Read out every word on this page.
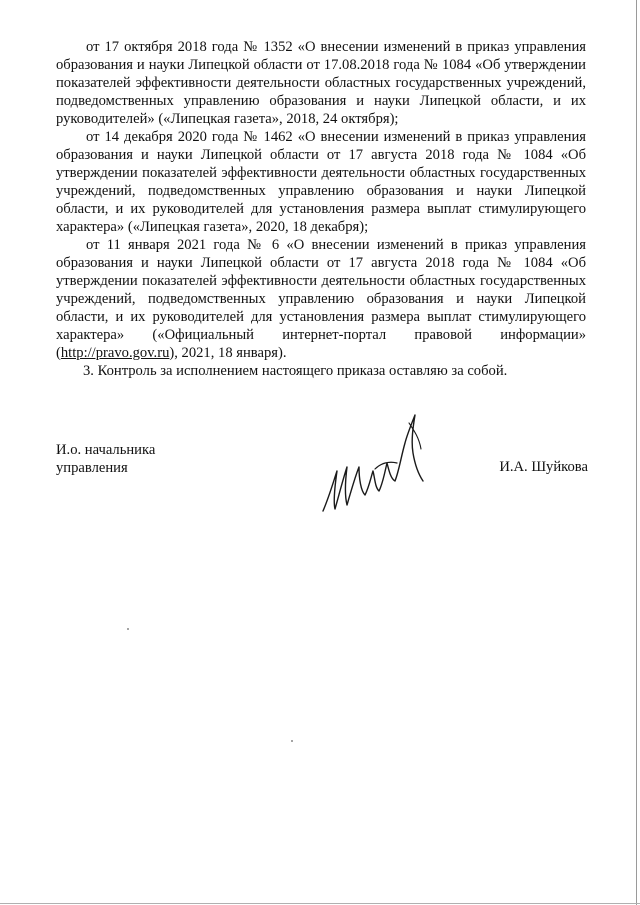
от 17 октября 2018 года № 1352 «О внесении изменений в приказ управления образования и науки Липецкой области от 17.08.2018 года № 1084 «Об утверждении показателей эффективности деятельности областных государственных учреждений, подведомственных управлению образования и науки Липецкой области, и их руководителей» («Липецкая газета», 2018, 24 октября);

от 14 декабря 2020 года № 1462 «О внесении изменений в приказ управления образования и науки Липецкой области от 17 августа 2018 года № 1084 «Об утверждении показателей эффективности деятельности областных государственных учреждений, подведомственных управлению образования и науки Липецкой области, и их руководителей для установления размера выплат стимулирующего характера» («Липецкая газета», 2020, 18 декабря);

от 11 января 2021 года № 6 «О внесении изменений в приказ управления образования и науки Липецкой области от 17 августа 2018 года № 1084 «Об утверждении показателей эффективности деятельности областных государственных учреждений, подведомственных управлению образования и науки Липецкой области, и их руководителей для установления размера выплат стимулирующего характера» («Официальный интернет-портал правовой информации» (http://pravo.gov.ru), 2021, 18 января).

3. Контроль за исполнением настоящего приказа оставляю за собой.

И.о. начальника
управления	И.А. Шуйкова
